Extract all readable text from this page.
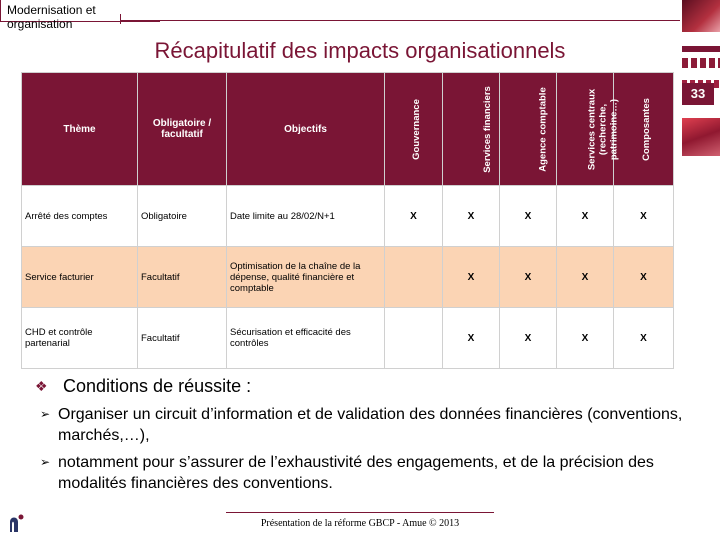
Modernisation et organisation
33
Récapitulatif des impacts organisationnels
Thème	Obligatoire / facultatif	Objectifs	Gouvernance	Services financiers	Agence comptable	Services centraux (recherche, patrimoine…)	Composantes
Arrêté des comptes	Obligatoire	Date limite au 28/02/N+1	X	X	X	X	X
Service facturier	Facultatif	Optimisation de la chaîne de la dépense, qualité financière et comptable		X	X	X	X
CHD et contrôle partenarial	Facultatif	Sécurisation et efficacité des contrôles		X	X	X	X
❖ Conditions de réussite :
➢ Organiser un circuit d’information et de validation des données financières (conventions, marchés,…),
➢ notamment pour s’assurer de l’exhaustivité des engagements, et de la précision des modalités financières des conventions.
Présentation de la réforme GBCP - Amue © 2013
